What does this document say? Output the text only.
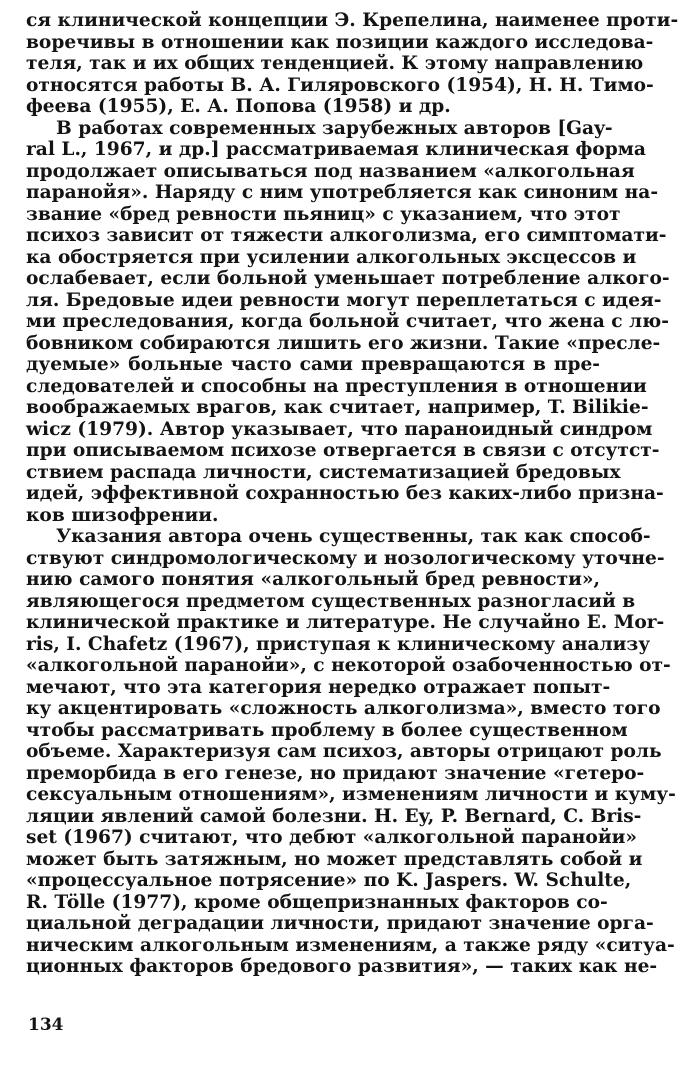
ся клинической концепции Э. Крепелина, наименее проти-
воречивы в отношении как позиции каждого исследова-
теля, так и их общих тенденцией. К этому направлению
относятся работы В. А. Гиляровского (1954), Н. Н. Тимо-
феева (1955), Е. А. Попова (1958) и др.
В работах современных зарубежных авторов [Gay-
ral L., 1967, и др.] рассматриваемая клиническая форма
продолжает описываться под названием «алкогольная
паранойя». Наряду с ним употребляется как синоним на-
звание «бред ревности пьяниц» с указанием, что этот
психоз зависит от тяжести алкоголизма, его симптомати-
ка обостряется при усилении алкогольных эксцессов и
ослабевает, если больной уменьшает потребление алкого-
ля. Бредовые идеи ревности могут переплетаться с идея-
ми преследования, когда больной считает, что жена с лю-
бовником собираются лишить его жизни. Такие «пресле-
дуемые» больные часто сами превращаются в пре-
следователей и способны на преступления в отношении
воображаемых врагов, как считает, например, T. Bilikie-
wicz (1979). Автор указывает, что параноидный синдром
при описываемом психозе отвергается в связи с отсутст-
ствием распада личности, систематизацией бредовых
идей, эффективной сохранностью без каких-либо призна-
ков шизофрении.
Указания автора очень существенны, так как способ-
ствуют синдромологическому и нозологическому уточне-
нию самого понятия «алкогольный бред ревности»,
являющегося предметом существенных разногласий в
клинической практике и литературе. Не случайно E. Mor-
ris, I. Chafetz (1967), приступая к клиническому анализу
«алкогольной паранойи», с некоторой озабоченностью от-
мечают, что эта категория нередко отражает попыт-
ку акцентировать «сложность алкоголизма», вместо того
чтобы рассматривать проблему в более существенном
объеме. Характеризуя сам психоз, авторы отрицают роль
преморбида в его генезе, но придают значение «гетеро-
сексуальным отношениям», изменениям личности и куму-
ляции явлений самой болезни. H. Ey, P. Bernard, C. Bris-
set (1967) считают, что дебют «алкогольной паранойи»
может быть затяжным, но может представлять собой и
«процессуальное потрясение» по K. Jaspers. W. Schulte,
R. Tölle (1977), кроме общепризнанных факторов со-
циальной деградации личности, придают значение орга-
ническим алкогольным изменениям, а также ряду «ситуа-
ционных факторов бредового развития», — таких как не-
134
